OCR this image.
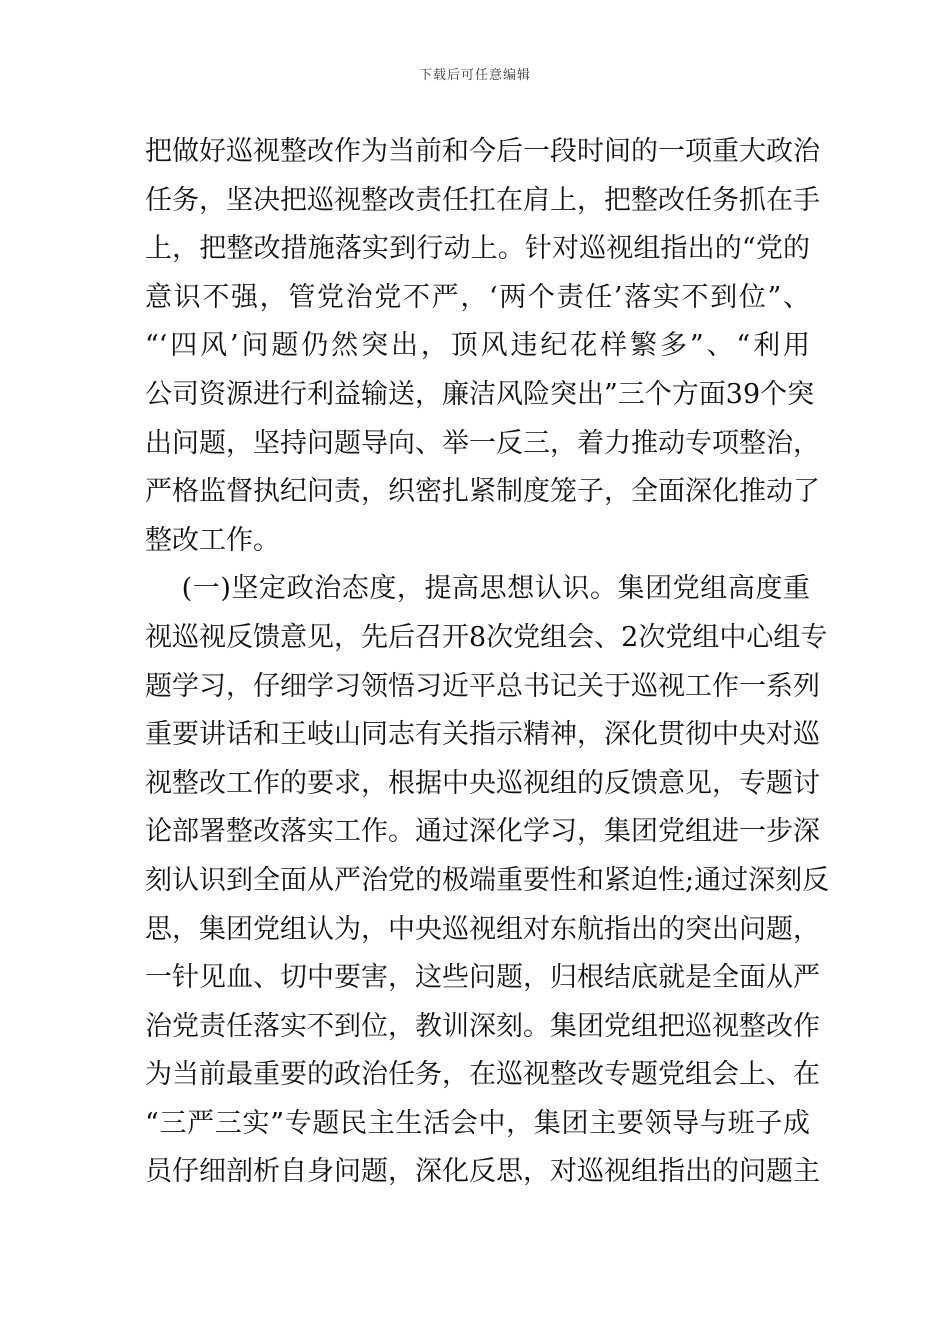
下载后可任意编辑
把做好巡视整改作为当前和今后一段时间的一项重大政治
任务，坚决把巡视整改责任扛在肩上，把整改任务抓在手
上，把整改措施落实到行动上。针对巡视组指出的“党的
意识不强，管党治党不严，‘两个责任’落实不到位”、
“‘四风’问题仍然突出，顶风违纪花样繁多”、“利用
公司资源进行利益输送，廉洁风险突出”三个方面39个突
出问题，坚持问题导向、举一反三，着力推动专项整治，
严格监督执纪问责，织密扎紧制度笼子，全面深化推动了
整改工作。
(一)坚定政治态度，提高思想认识。集团党组高度重
视巡视反馈意见，先后召开8次党组会、2次党组中心组专
题学习，仔细学习领悟习近平总书记关于巡视工作一系列
重要讲话和王岐山同志有关指示精神，深化贯彻中央对巡
视整改工作的要求，根据中央巡视组的反馈意见，专题讨
论部署整改落实工作。通过深化学习，集团党组进一步深
刻认识到全面从严治党的极端重要性和紧迫性;通过深刻反
思，集团党组认为，中央巡视组对东航指出的突出问题，
一针见血、切中要害，这些问题，归根结底就是全面从严
治党责任落实不到位，教训深刻。集团党组把巡视整改作
为当前最重要的政治任务，在巡视整改专题党组会上、在
“三严三实”专题民主生活会中，集团主要领导与班子成
员仔细剖析自身问题，深化反思，对巡视组指出的问题主
